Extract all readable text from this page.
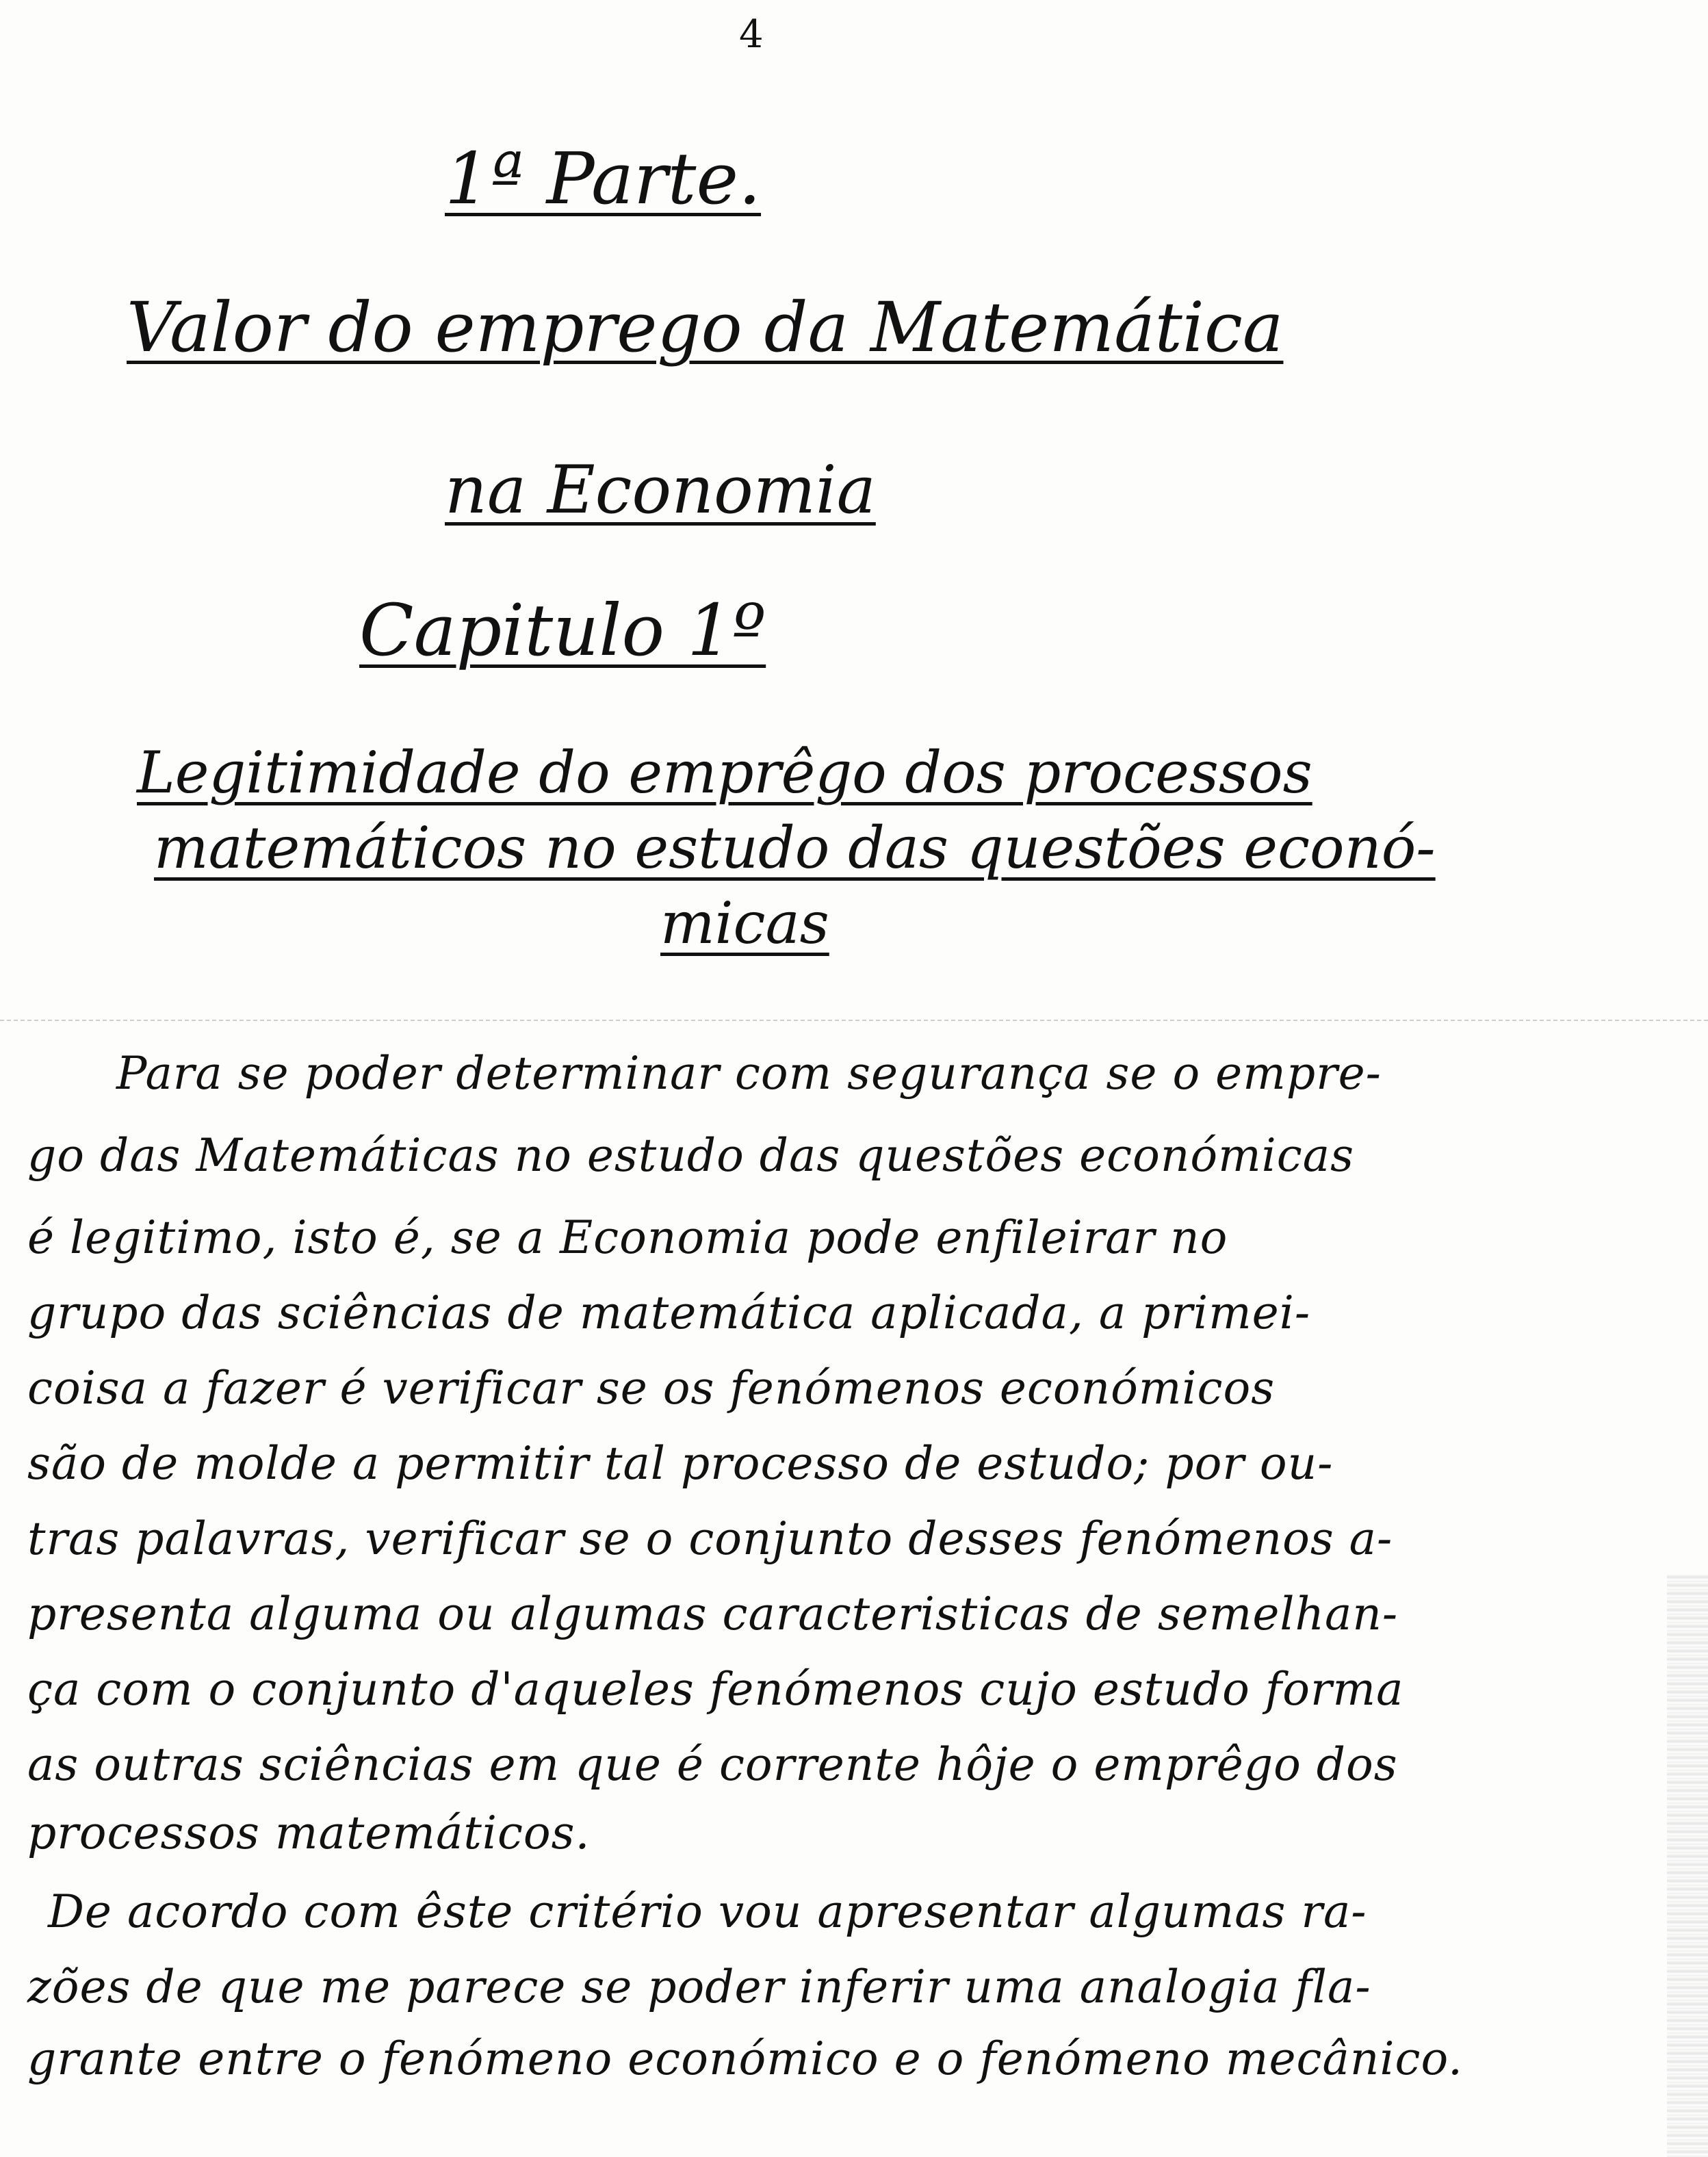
4
1ª Parte.
Valor do emprego da Matemática
na Economia
Capitulo 1º
Legitimidade do emprêgo dos processos
matemáticos no estudo das questões econó-
micas
Para se poder determinar com segurança se o empre-
go das Matemáticas no estudo das questões económicas
é legitimo, isto é, se a Economia pode enfileirar no
grupo das sciências de matemática aplicada, a primei-
coisa a fazer é verificar se os fenómenos económicos
são de molde a permitir tal processo de estudo; por ou-
tras palavras, verificar se o conjunto desses fenómenos a-
presenta alguma ou algumas caracteristicas de semelhan-
ça com o conjunto d'aqueles fenómenos cujo estudo forma
as outras sciências em que é corrente hôje o emprêgo dos
processos matemáticos.
De acordo com êste critério vou apresentar algumas ra-
zões de que me parece se poder inferir uma analogia fla-
grante entre o fenómeno económico e o fenómeno mecânico.
